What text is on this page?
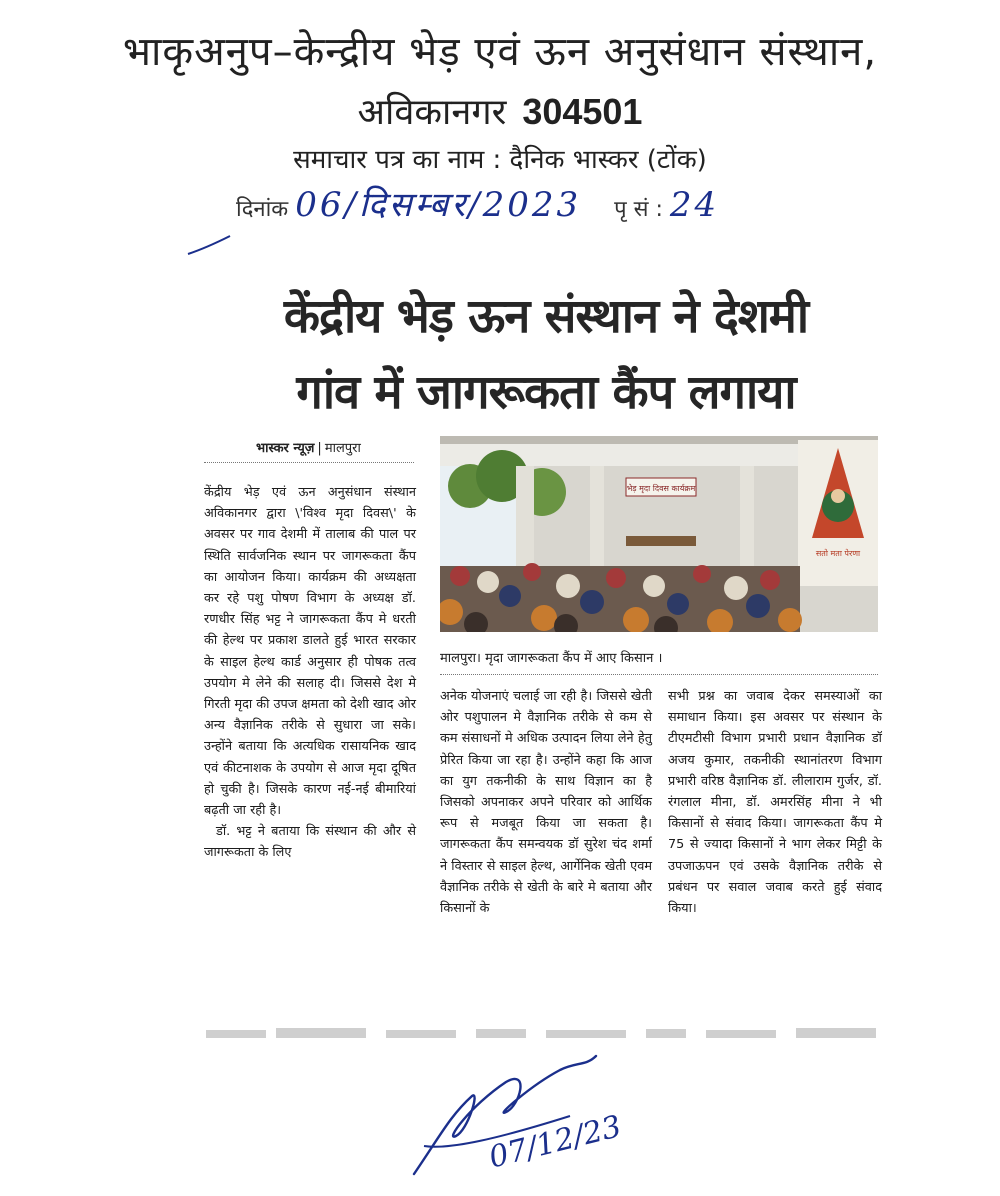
भाकृअनुप–केन्द्रीय भेड़ एवं ऊन अनुसंधान संस्थान,
अविकानगर 304501
समाचार पत्र का नाम : दैनिक भास्कर (टोंक)
दिनांक 06/दिसम्बर/2023 पृ सं : 24
केंद्रीय भेड़ ऊन संस्थान ने देशमी
गांव में जागरूकता कैंप लगाया
भास्कर न्यूज़ | मालपुरा
भेड़ मृदा दिवस कार्यक्रम
सतो मता पेरणा
मालपुरा। मृदा जागरूकता कैंप में आए किसान ।

केंद्रीय भेड़ एवं ऊन अनुसंधान संस्थान अविकानगर द्वारा \'विश्व मृदा दिवस\' के अवसर पर गाव देशमी में तालाब की पाल पर स्थिति सार्वजनिक स्थान पर जागरूकता कैंप का आयोजन किया। कार्यक्रम की अध्यक्षता कर रहे पशु पोषण विभाग के अध्यक्ष डॉ. रणधीर सिंह भट्ट ने जागरूकता कैंप मे धरती की हेल्थ पर प्रकाश डालते हुई भारत सरकार के साइल हेल्थ कार्ड अनुसार ही पोषक तत्व उपयोग मे लेने की सलाह दी। जिससे देश मे गिरती मृदा की उपज क्षमता को देशी खाद ओर अन्य वैज्ञानिक तरीके से सुधारा जा सके। उन्होंने बताया कि अत्यधिक रासायनिक खाद एवं कीटनाशक के उपयोग से आज मृदा दूषित हो चुकी है। जिसके कारण नई-नई बीमारियां बढ़ती जा रही है।

डॉ. भट्ट ने बताया कि संस्थान की और से जागरूकता के लिए

अनेक योजनाएं चलाई जा रही है। जिससे खेती ओर पशुपालन मे वैज्ञानिक तरीके से कम से कम संसाधनों मे अधिक उत्पादन लिया लेने हेतु प्रेरित किया जा रहा है। उन्होंने कहा कि आज का युग तकनीकी के साथ विज्ञान का है जिसको अपनाकर अपने परिवार को आर्थिक रूप से मजबूत किया जा सकता है। जागरूकता कैंप समन्वयक डॉ सुरेश चंद शर्मा ने विस्तार से साइल हेल्थ, आर्गेनिक खेती एवम वैज्ञानिक तरीके से खेती के बारे मे बताया और किसानों के

सभी प्रश्न का जवाब देकर समस्याओं का समाधान किया। इस अवसर पर संस्थान के टीएमटीसी विभाग प्रभारी प्रधान वैज्ञानिक डॉ अजय कुमार, तकनीकी स्थानांतरण विभाग प्रभारी वरिष्ठ वैज्ञानिक डॉ. लीलाराम गुर्जर, डॉ. रंगलाल मीना, डॉ. अमरसिंह मीना ने भी किसानों से संवाद किया। जागरूकता कैंप मे 75 से ज्यादा किसानों ने भाग लेकर मिट्टी के उपजाऊपन एवं उसके वैज्ञानिक तरीके से प्रबंधन पर सवाल जवाब करते हुई संवाद किया।

07/12/23
